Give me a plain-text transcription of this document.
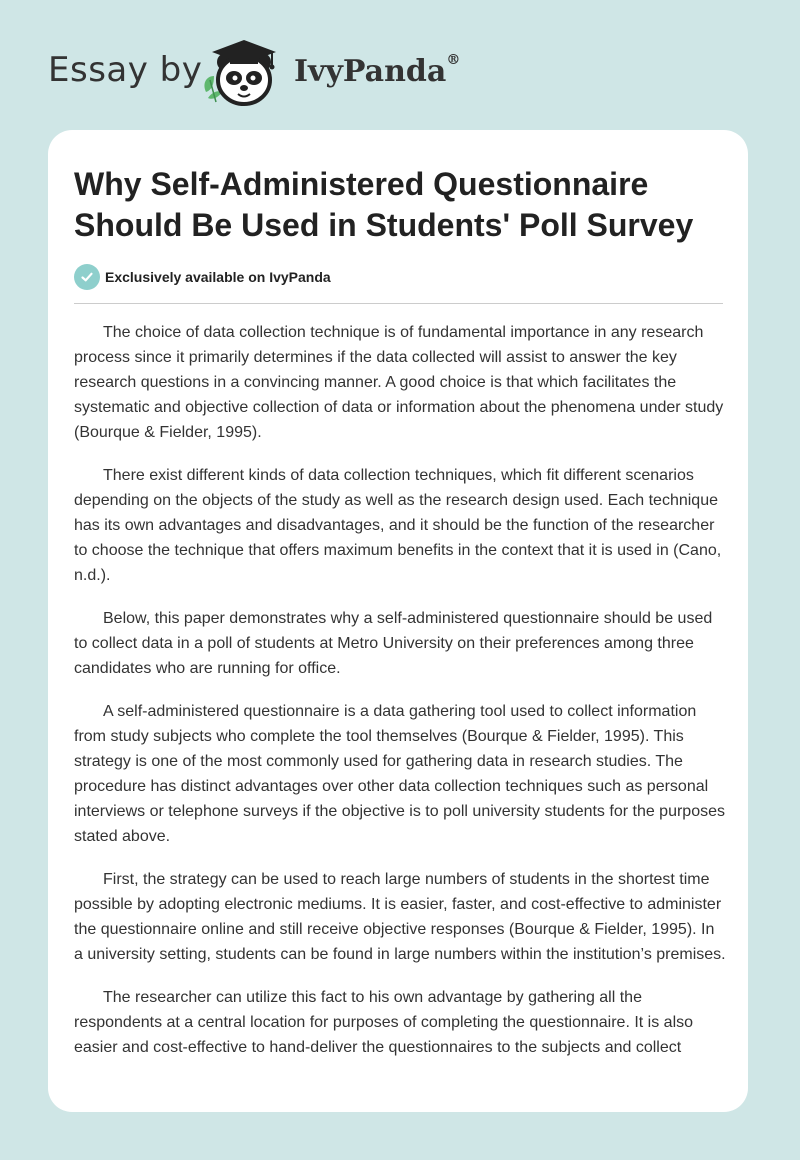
Essay by	IvyPanda®
Why Self-Administered Questionnaire Should Be Used in Students' Poll Survey
Exclusively available on IvyPanda

The choice of data collection technique is of fundamental importance in any research process since it primarily determines if the data collected will assist to answer the key research questions in a convincing manner. A good choice is that which facilitates the systematic and objective collection of data or information about the phenomena under study (Bourque & Fielder, 1995).

There exist different kinds of data collection techniques, which fit different scenarios depending on the objects of the study as well as the research design used. Each technique has its own advantages and disadvantages, and it should be the function of the researcher to choose the technique that offers maximum benefits in the context that it is used in (Cano, n.d.).

Below, this paper demonstrates why a self-administered questionnaire should be used to collect data in a poll of students at Metro University on their preferences among three candidates who are running for office.

A self-administered questionnaire is a data gathering tool used to collect information from study subjects who complete the tool themselves (Bourque & Fielder, 1995). This strategy is one of the most commonly used for gathering data in research studies. The procedure has distinct advantages over other data collection techniques such as personal interviews or telephone surveys if the objective is to poll university students for the purposes stated above.

First, the strategy can be used to reach large numbers of students in the shortest time possible by adopting electronic mediums. It is easier, faster, and cost-effective to administer the questionnaire online and still receive objective responses (Bourque & Fielder, 1995). In a university setting, students can be found in large numbers within the institution’s premises.

The researcher can utilize this fact to his own advantage by gathering all the respondents at a central location for purposes of completing the questionnaire. It is also easier and cost-effective to hand-deliver the questionnaires to the subjects and collect
